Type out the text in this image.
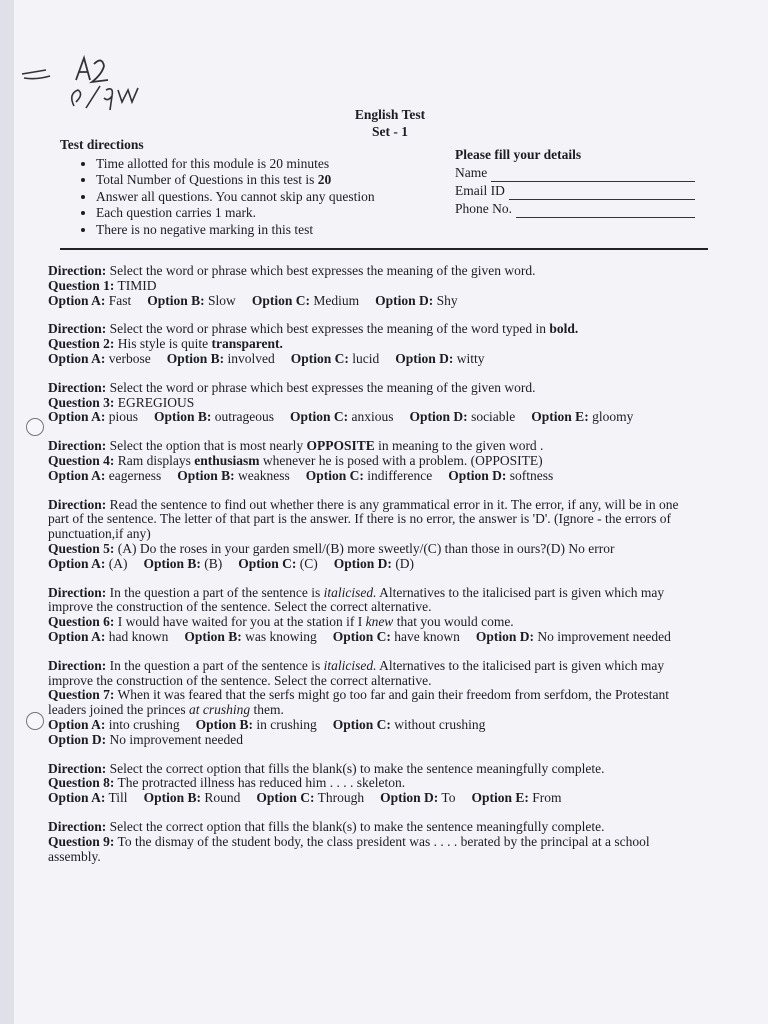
English Test
Set - 1
Test directions
• Time allotted for this module is 20 minutes
• Total Number of Questions in this test is 20
• Answer all questions. You cannot skip any question
• Each question carries 1 mark.
• There is no negative marking in this test
Please fill your details
Name
Email ID
Phone No.
Direction: Select the word or phrase which best expresses the meaning of the given word.
Question 1: TIMID
Option A: Fast Option B: Slow Option C: Medium Option D: Shy
Direction: Select the word or phrase which best expresses the meaning of the word typed in bold.
Question 2: His style is quite transparent.
Option A: verbose Option B: involved Option C: lucid Option D: witty
Direction: Select the word or phrase which best expresses the meaning of the given word.
Question 3: EGREGIOUS
Option A: pious Option B: outrageous Option C: anxious Option D: sociable Option E: gloomy
Direction: Select the option that is most nearly OPPOSITE in meaning to the given word .
Question 4: Ram displays enthusiasm whenever he is posed with a problem. (OPPOSITE)
Option A: eagerness Option B: weakness Option C: indifference Option D: softness
Direction: Read the sentence to find out whether there is any grammatical error in it. The error, if any, will be in one part of the sentence. The letter of that part is the answer. If there is no error, the answer is 'D'. (Ignore - the errors of punctuation,if any)
Question 5: (A) Do the roses in your garden smell/(B) more sweetly/(C) than those in ours?(D) No error
Option A: (A) Option B: (B) Option C: (C) Option D: (D)
Direction: In the question a part of the sentence is italicised. Alternatives to the italicised part is given which may improve the construction of the sentence. Select the correct alternative.
Question 6: I would have waited for you at the station if I knew that you would come.
Option A: had known Option B: was knowing Option C: have known Option D: No improvement needed
Direction: In the question a part of the sentence is italicised. Alternatives to the italicised part is given which may improve the construction of the sentence. Select the correct alternative.
Question 7: When it was feared that the serfs might go too far and gain their freedom from serfdom, the Protestant leaders joined the princes at crushing them.
Option A: into crushing Option B: in crushing Option C: without crushing
Option D: No improvement needed
Direction: Select the correct option that fills the blank(s) to make the sentence meaningfully complete.
Question 8: The protracted illness has reduced him . . . . skeleton.
Option A: Till Option B: Round Option C: Through Option D: To Option E: From
Direction: Select the correct option that fills the blank(s) to make the sentence meaningfully complete.
Question 9: To the dismay of the student body, the class president was . . . . berated by the principal at a school assembly.
